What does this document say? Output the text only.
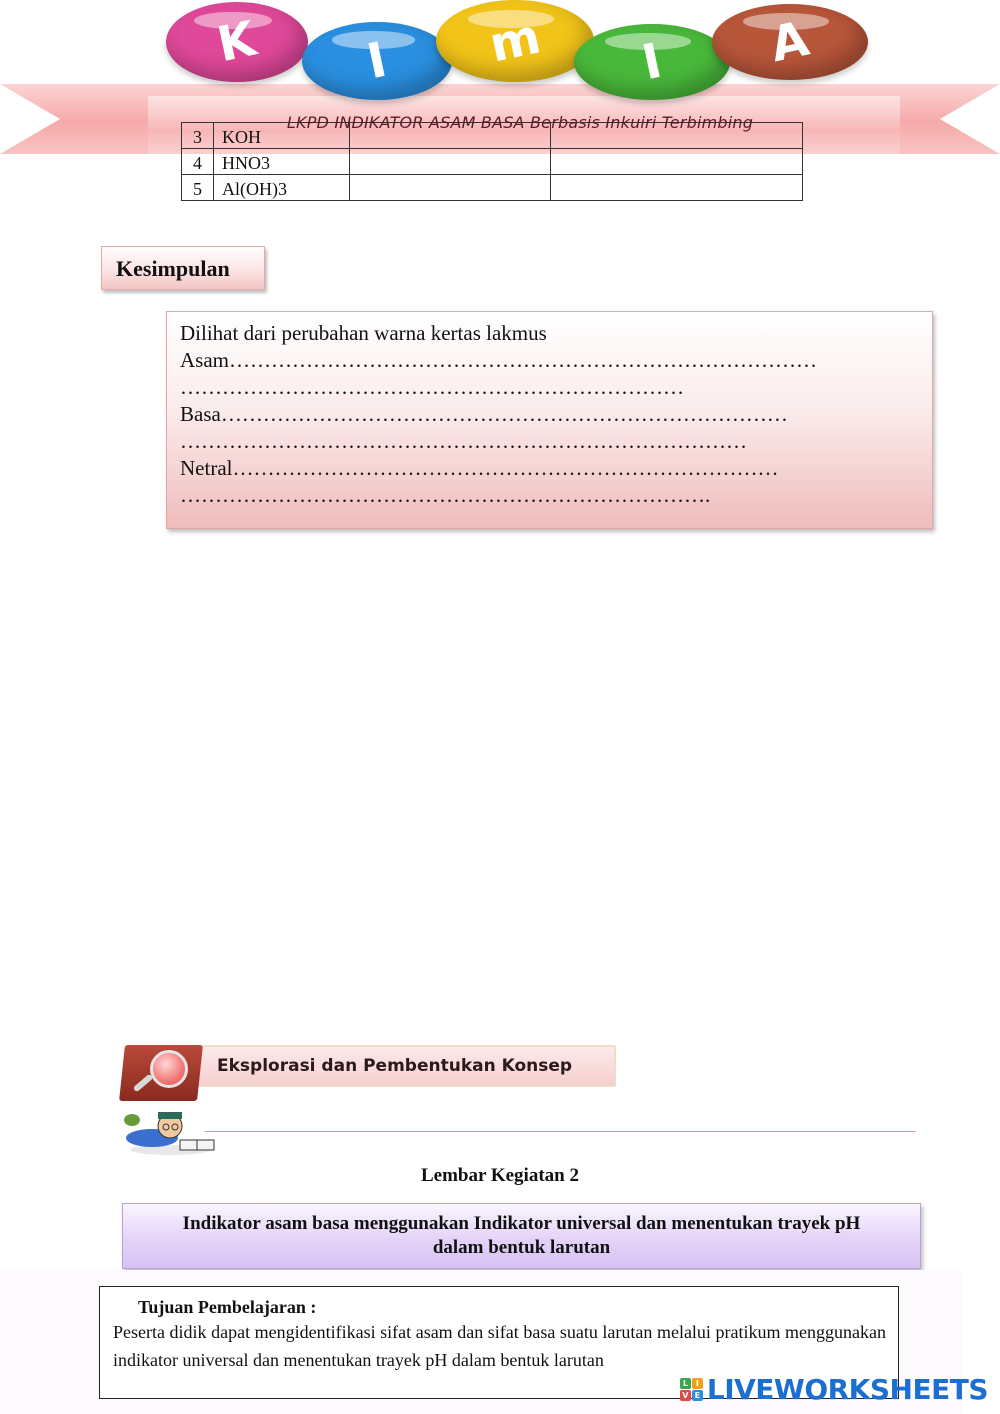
K I m I A
3	KOH		
4	HNO3		
5	Al(OH)3		
LKPD INDIKATOR ASAM BASA Berbasis Inkuiri Terbimbing
Kesimpulan
Dilihat dari perubahan warna kertas lakmus
Asam…………………………………………………………………………
………………………………………………………………
Basa………………………………………………………………………
………………………………………………………………………
Netral……………………………………………………………………
………………………………………………………………….
Eksplorasi dan Pembentukan Konsep
Lembar Kegiatan 2
Indikator asam basa menggunakan Indikator universal dan menentukan trayek pH
dalam bentuk larutan
Tujuan Pembelajaran :
Peserta didik dapat mengidentifikasi sifat asam dan sifat basa suatu larutan melalui pratikum menggunakan indikator universal dan menentukan trayek pH dalam bentuk larutan
L I
V E LIVEWORKSHEETS
